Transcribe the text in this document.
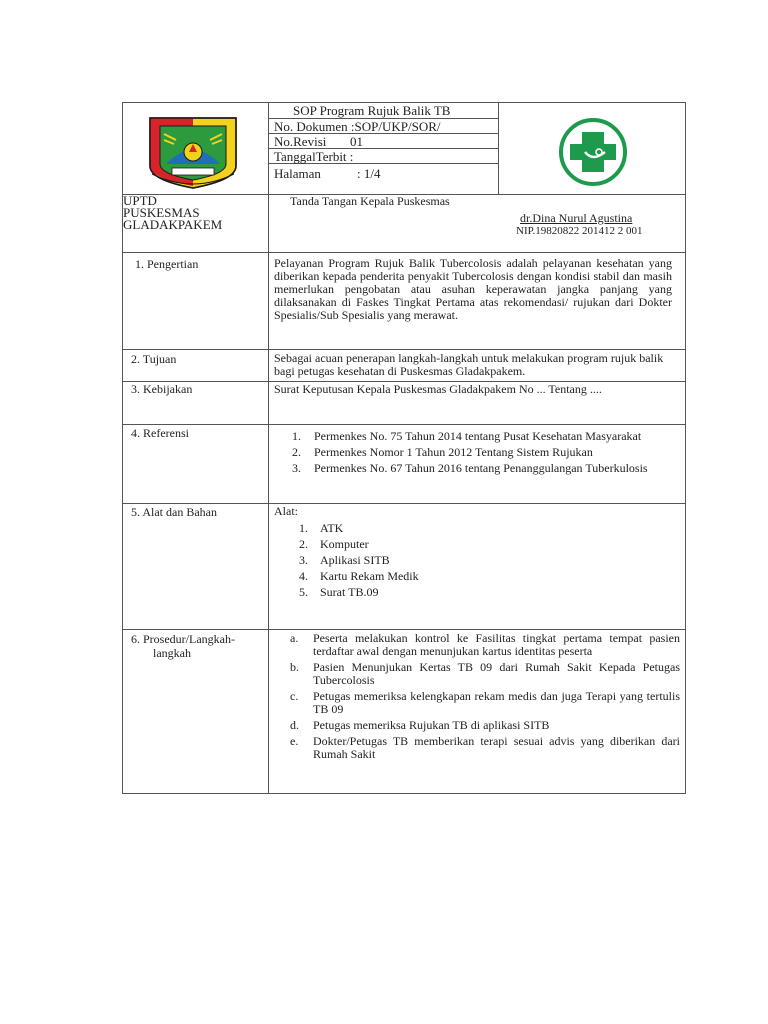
SOP Program Rujuk Balik TB
No. Dokumen :SOP/UKP/SOR/
No.Revisi 01
TanggalTerbit :
Halaman	: 1/4
UPTD
PUSKESMAS
GLADAKPAKEM
Tanda Tangan Kepala Puskesmas
dr.Dina Nurul Agustina
NIP.19820822 201412 2 001
1. Pengertian	Pelayanan Program Rujuk Balik Tubercolosis adalah pelayanan kesehatan yang diberikan kepada penderita penyakit Tubercolosis dengan kondisi stabil dan masih memerlukan pengobatan atau asuhan keperawatan jangka panjang yang dilaksanakan di Faskes Tingkat Pertama atas rekomendasi/ rujukan dari Dokter Spesialis/Sub Spesialis yang merawat.
2. Tujuan	Sebagai acuan penerapan langkah-langkah untuk melakukan program rujuk balik bagi petugas kesehatan di Puskesmas Gladakpakem.
3. Kebijakan	Surat Keputusan Kepala Puskesmas Gladakpakem No ... Tentang ....
4. Referensi	1. Permenkes No. 75 Tahun 2014 tentang Pusat Kesehatan Masyarakat
2. Permenkes Nomor 1 Tahun 2012 Tentang Sistem Rujukan
3. Permenkes No. 67 Tahun 2016 tentang Penanggulangan Tuberkulosis
5. Alat dan Bahan	Alat:
1. ATK
2. Komputer
3. Aplikasi SITB
4. Kartu Rekam Medik
5. Surat TB.09
6. Prosedur/Langkah-
langkah
a. Peserta melakukan kontrol ke Fasilitas tingkat pertama tempat pasien terdaftar awal dengan menunjukan kartus identitas peserta
b. Pasien Menunjukan Kertas TB 09 dari Rumah Sakit Kepada Petugas Tubercolosis
c. Petugas memeriksa kelengkapan rekam medis dan juga Terapi yang tertulis TB 09
d. Petugas memeriksa Rujukan TB di aplikasi SITB
e. Dokter/Petugas TB memberikan terapi sesuai advis yang diberikan dari Rumah Sakit
